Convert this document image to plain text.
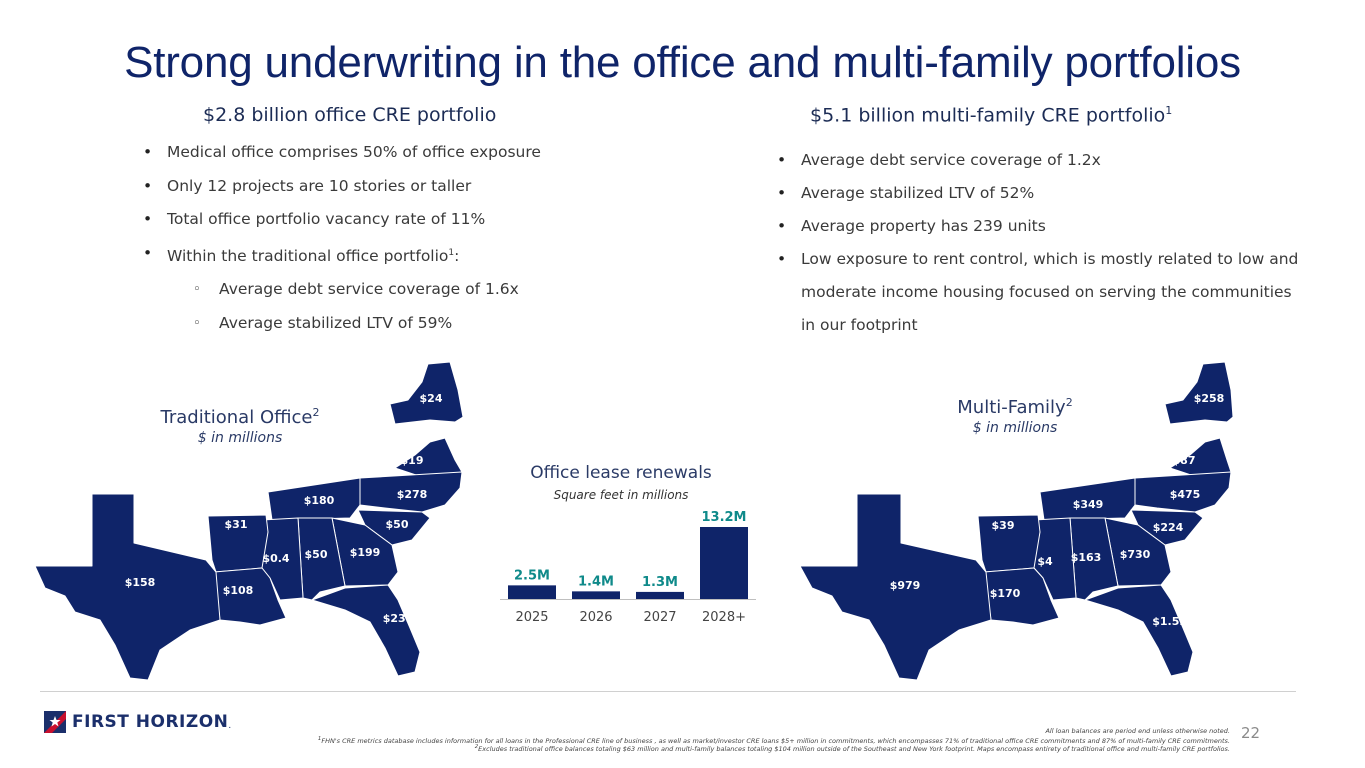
Strong underwriting in the office and multi-family portfolios
$2.8 billion office CRE portfolio
• Medical office comprises 50% of office exposure
• Only 12 projects are 10 stories or taller
• Total office portfolio vacancy rate of 11%
• Within the traditional office portfolio$^1$:
◦ Average debt service coverage of 1.6x
◦ Average stabilized LTV of 59%
$5.1 billion multi-family CRE portfolio$^1$
• Average debt service coverage of 1.2x
• Average stabilized LTV of 52%
• Average property has 239 units
• Low exposure to rent control, which is mostly related to low and
moderate income housing focused on serving the communities
in our footprint
Traditional Office$^2$
$ in millions
Multi-Family$^2$
$ in millions
$24
$19
$278
$180
$50
$199
$50
$0.4
$31
$108
$158
$231
$258
$87
$475
$349
$224
$730
$163
$4
$39
$170
$979
$1.5B
Office lease renewals
Square feet in millions
2.5M
2025
1.4M
2026
1.3M
2027
13.2M
2028+
FIRST HORIZON .
All loan balances are period end unless otherwise noted.
$^1$FHN's CRE metrics database includes information for all loans in the Professional CRE line of business , as well as market/investor CRE loans $5+ million in commitments, which encompasses 71% of traditional office CRE commitments and 87% of multi-family CRE commitments.
$^2$Excludes traditional office balances totaling $63 million and multi-family balances totaling $104 million outside of the Southeast and New York footprint. Maps encompass entirety of traditional office and multi-family CRE portfolios.
22
